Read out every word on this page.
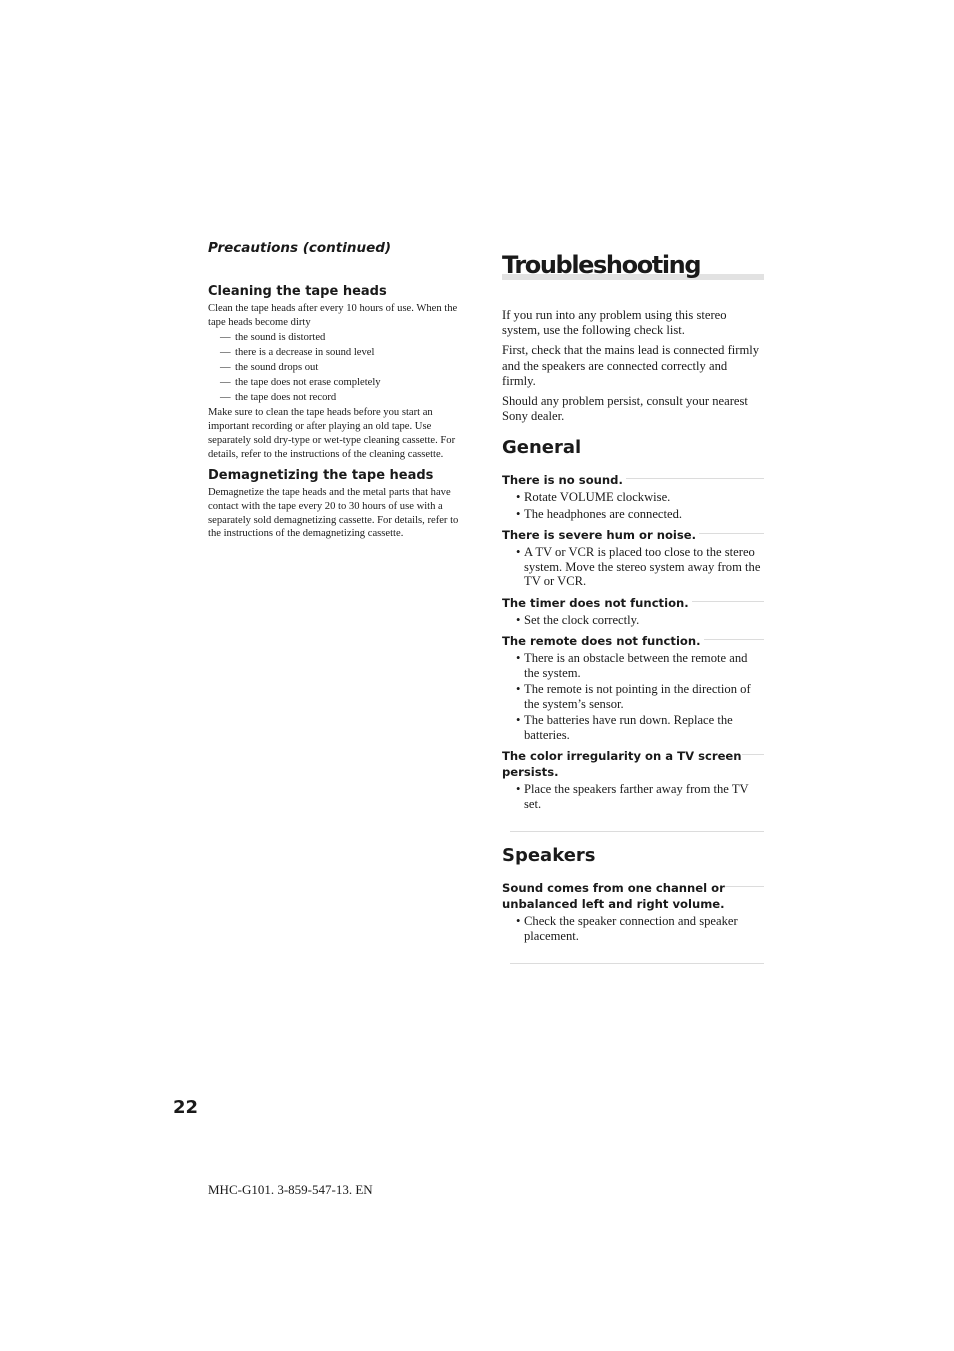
Precautions (continued)

Cleaning the tape heads

Clean the tape heads after every 10 hours of use. When the tape heads become dirty

— the sound is distorted
— there is a decrease in sound level
— the sound drops out
— the tape does not erase completely
— the tape does not record

Make sure to clean the tape heads before you start an important recording or after playing an old tape. Use separately sold dry-type or wet-type cleaning cassette. For details, refer to the instructions of the cleaning cassette.

Demagnetizing the tape heads

Demagnetize the tape heads and the metal parts that have contact with the tape every 20 to 30 hours of use with a separately sold demagnetizing cassette. For details, refer to the instructions of the demagnetizing cassette.

Troubleshooting

If you run into any problem using this stereo system, use the following check list.

First, check that the mains lead is connected firmly and the speakers are connected correctly and firmly.

Should any problem persist, consult your nearest Sony dealer.

General

There is no sound.

• Rotate VOLUME clockwise.
• The headphones are connected.

There is severe hum or noise.

• A TV or VCR is placed too close to the stereo system. Move the stereo system away from the TV or VCR.

The timer does not function.

• Set the clock correctly.

The remote does not function.

• There is an obstacle between the remote and the system.
• The remote is not pointing in the direction of the system’s sensor.
• The batteries have run down. Replace the batteries.

The color irregularity on a TV screen persists.

• Place the speakers farther away from the TV set.
Speakers

Sound comes from one channel or unbalanced left and right volume.

• Check the speaker connection and speaker placement.
22
MHC-G101. 3-859-547-13. EN
